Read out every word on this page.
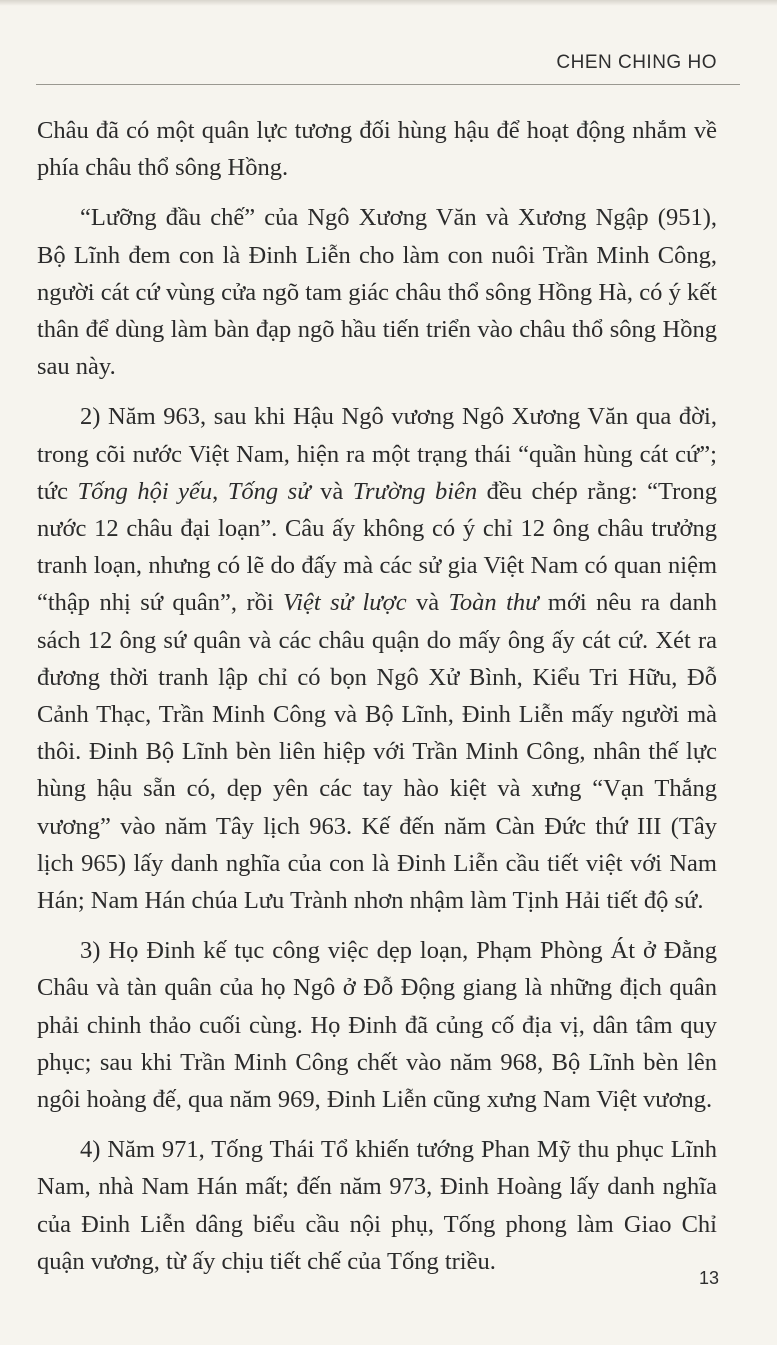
CHEN CHING HO

Châu đã có một quân lực tương đối hùng hậu để hoạt động nhắm về phía châu thổ sông Hồng.

“Lưỡng đầu chế” của Ngô Xương Văn và Xương Ngập (951), Bộ Lĩnh đem con là Đinh Liễn cho làm con nuôi Trần Minh Công, người cát cứ vùng cửa ngõ tam giác châu thổ sông Hồng Hà, có ý kết thân để dùng làm bàn đạp ngõ hầu tiến triển vào châu thổ sông Hồng sau này.

2) Năm 963, sau khi Hậu Ngô vương Ngô Xương Văn qua đời, trong cõi nước Việt Nam, hiện ra một trạng thái “quần hùng cát cứ”; tức Tống hội yếu, Tống sử và Trường biên đều chép rằng: “Trong nước 12 châu đại loạn”. Câu ấy không có ý chỉ 12 ông châu trưởng tranh loạn, nhưng có lẽ do đấy mà các sử gia Việt Nam có quan niệm “thập nhị sứ quân”, rồi Việt sử lược và Toàn thư mới nêu ra danh sách 12 ông sứ quân và các châu quận do mấy ông ấy cát cứ. Xét ra đương thời tranh lập chỉ có bọn Ngô Xử Bình, Kiểu Tri Hữu, Đỗ Cảnh Thạc, Trần Minh Công và Bộ Lĩnh, Đinh Liễn mấy người mà thôi. Đinh Bộ Lĩnh bèn liên hiệp với Trần Minh Công, nhân thế lực hùng hậu sẵn có, dẹp yên các tay hào kiệt và xưng “Vạn Thắng vương” vào năm Tây lịch 963. Kế đến năm Càn Đức thứ III (Tây lịch 965) lấy danh nghĩa của con là Đinh Liễn cầu tiết việt với Nam Hán; Nam Hán chúa Lưu Trành nhơn nhậm làm Tịnh Hải tiết độ sứ.

3) Họ Đinh kế tục công việc dẹp loạn, Phạm Phòng Át ở Đằng Châu và tàn quân của họ Ngô ở Đỗ Động giang là những địch quân phải chinh thảo cuối cùng. Họ Đinh đã củng cố địa vị, dân tâm quy phục; sau khi Trần Minh Công chết vào năm 968, Bộ Lĩnh bèn lên ngôi hoàng đế, qua năm 969, Đinh Liễn cũng xưng Nam Việt vương.

4) Năm 971, Tống Thái Tổ khiến tướng Phan Mỹ thu phục Lĩnh Nam, nhà Nam Hán mất; đến năm 973, Đinh Hoàng lấy danh nghĩa của Đinh Liễn dâng biểu cầu nội phụ, Tống phong làm Giao Chỉ quận vương, từ ấy chịu tiết chế của Tống triều.

13
